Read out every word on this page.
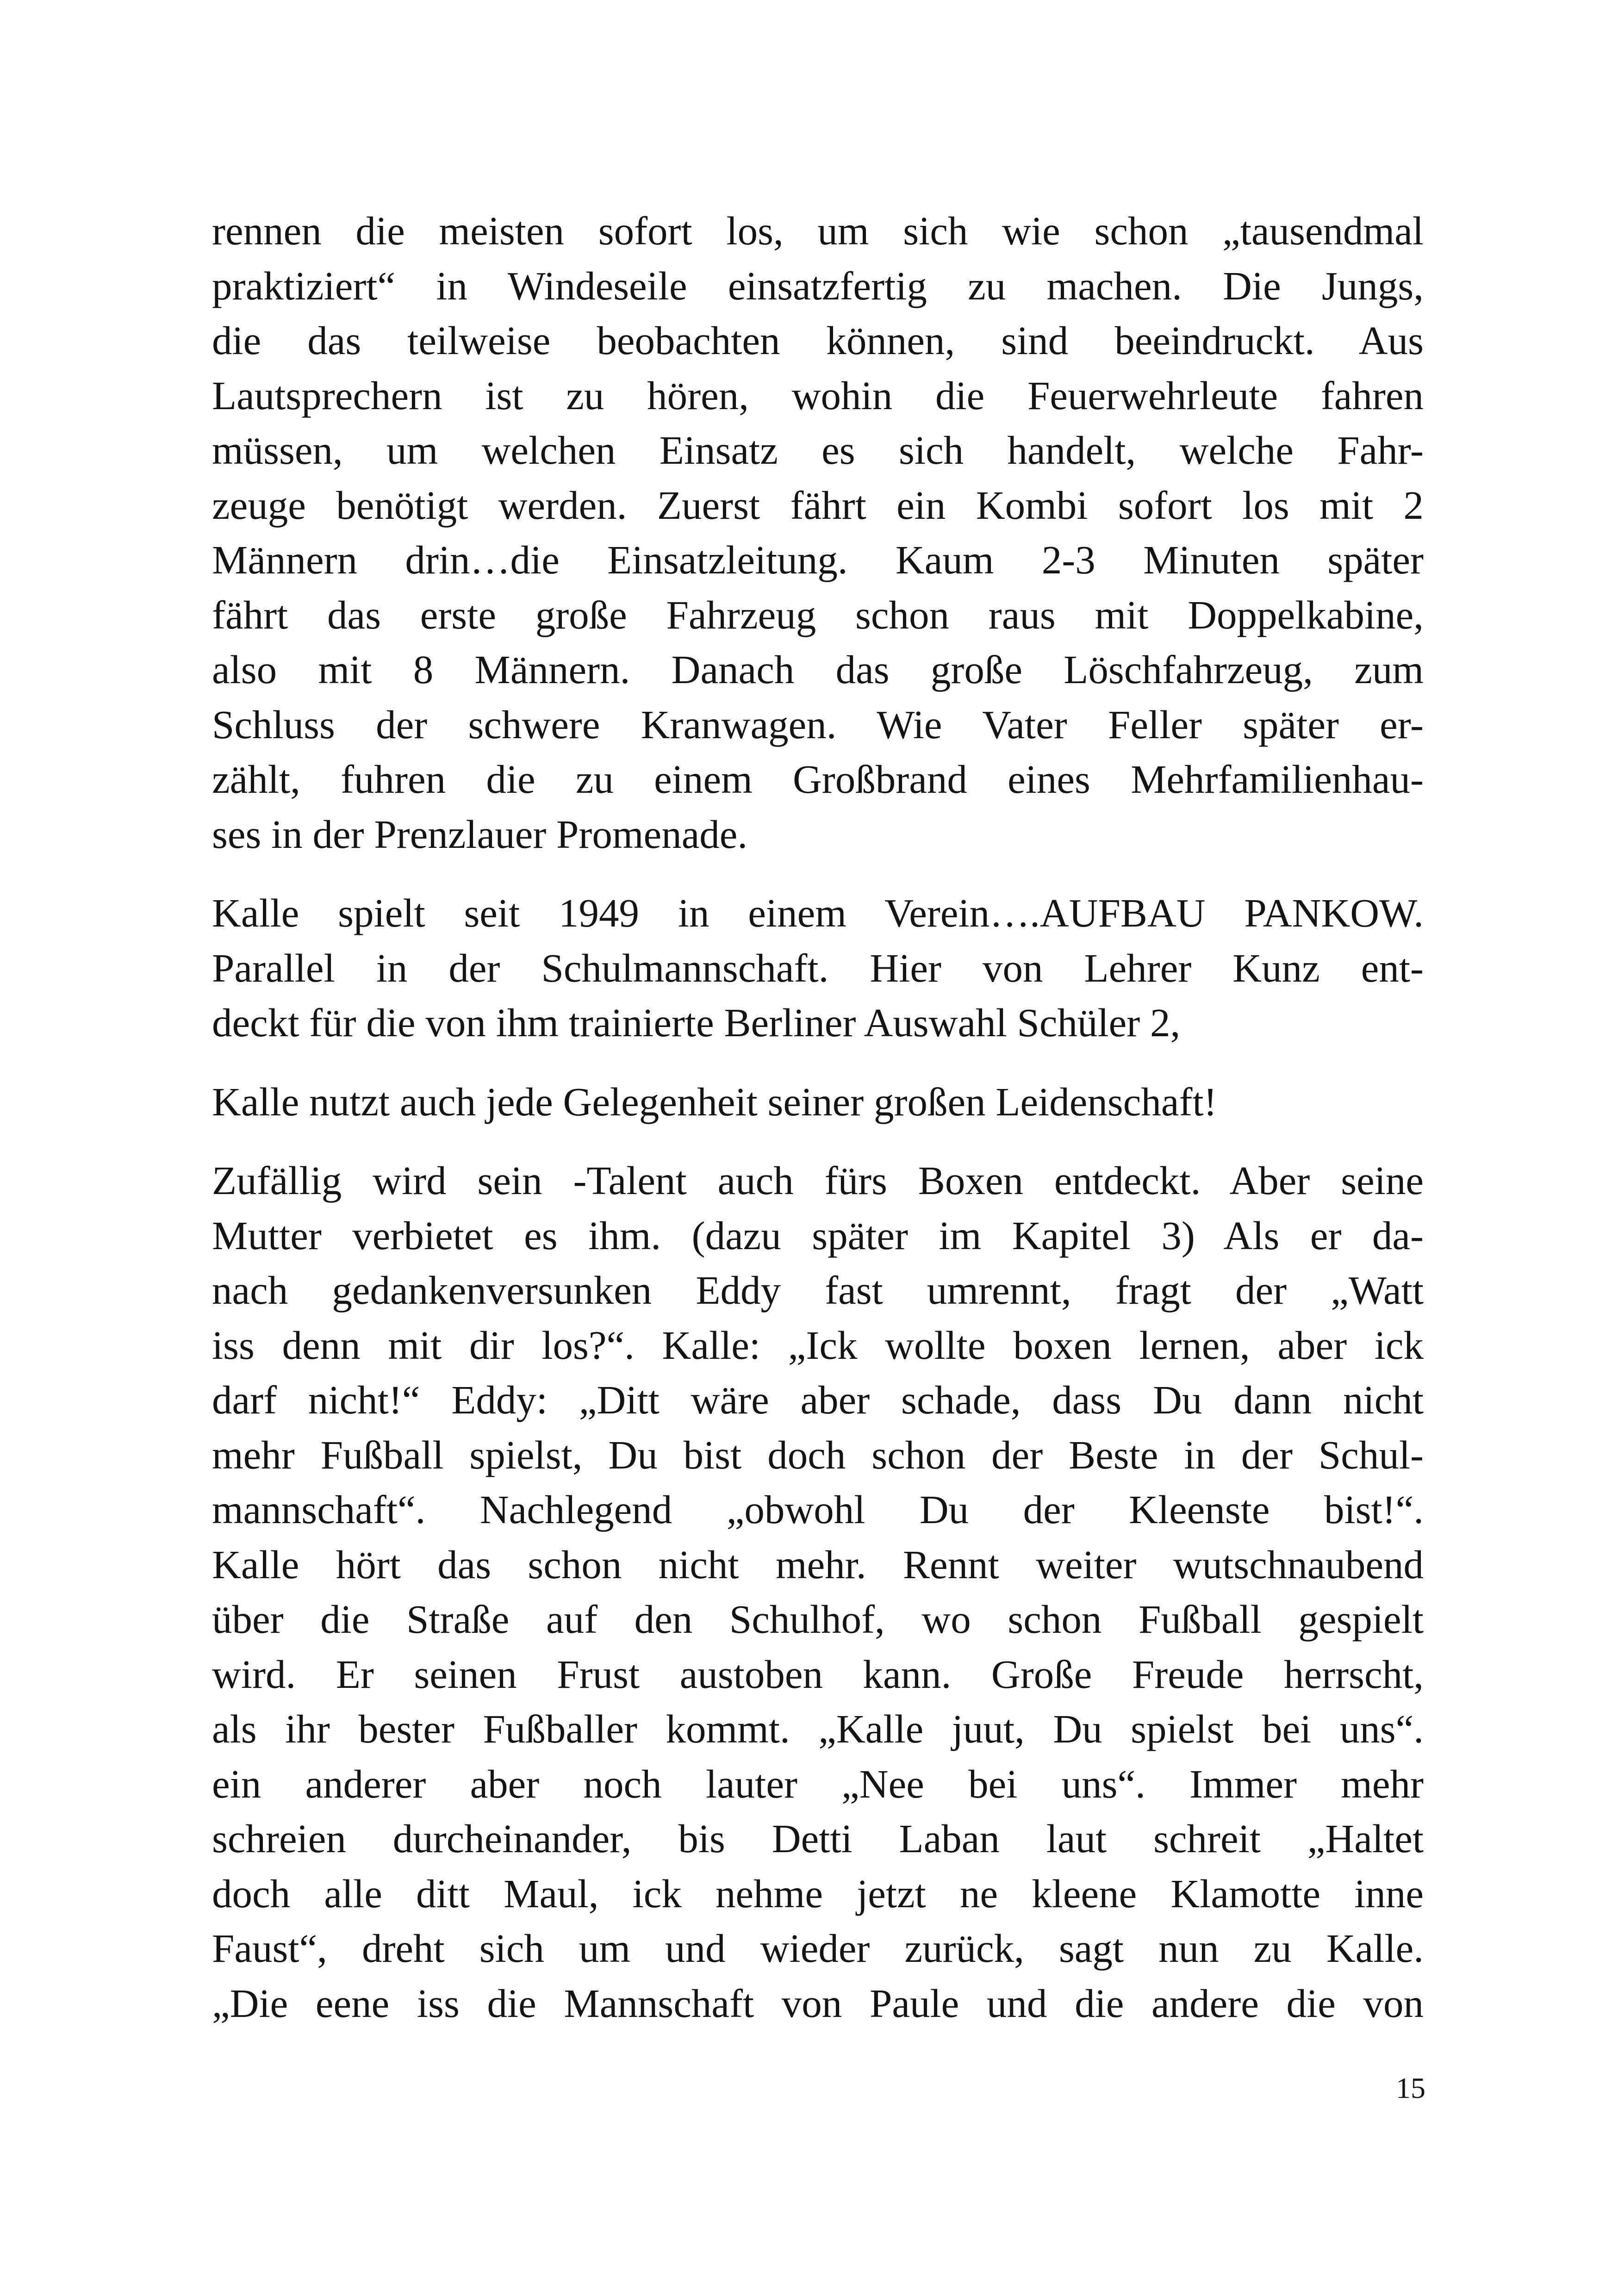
rennen die meisten sofort los, um sich wie schon „tausendmal
praktiziert“ in Windeseile einsatzfertig zu machen. Die Jungs,
die das teilweise beobachten können, sind beeindruckt. Aus
Lautsprechern ist zu hören, wohin die Feuerwehrleute fahren
müssen, um welchen Einsatz es sich handelt, welche Fahr-
zeuge benötigt werden. Zuerst fährt ein Kombi sofort los mit 2
Männern drin…die Einsatzleitung. Kaum 2-3 Minuten später
fährt das erste große Fahrzeug schon raus mit Doppelkabine,
also mit 8 Männern. Danach das große Löschfahrzeug, zum
Schluss der schwere Kranwagen. Wie Vater Feller später er-
zählt, fuhren die zu einem Großbrand eines Mehrfamilienhau-
ses in der Prenzlauer Promenade.
Kalle spielt seit 1949 in einem Verein….AUFBAU PANKOW.
Parallel in der Schulmannschaft. Hier von Lehrer Kunz ent-
deckt für die von ihm trainierte Berliner Auswahl Schüler 2,
Kalle nutzt auch jede Gelegenheit seiner großen Leidenschaft!
Zufällig wird sein -Talent auch fürs Boxen entdeckt. Aber seine
Mutter verbietet es ihm. (dazu später im Kapitel 3) Als er da-
nach gedankenversunken Eddy fast umrennt, fragt der „Watt
iss denn mit dir los?“. Kalle: „Ick wollte boxen lernen, aber ick
darf nicht!“ Eddy: „Ditt wäre aber schade, dass Du dann nicht
mehr Fußball spielst, Du bist doch schon der Beste in der Schul-
mannschaft“. Nachlegend „obwohl Du der Kleenste bist!“.
Kalle hört das schon nicht mehr. Rennt weiter wutschnaubend
über die Straße auf den Schulhof, wo schon Fußball gespielt
wird. Er seinen Frust austoben kann. Große Freude herrscht,
als ihr bester Fußballer kommt. „Kalle juut, Du spielst bei uns“.
ein anderer aber noch lauter „Nee bei uns“. Immer mehr
schreien durcheinander, bis Detti Laban laut schreit „Haltet
doch alle ditt Maul, ick nehme jetzt ne kleene Klamotte inne
Faust“, dreht sich um und wieder zurück, sagt nun zu Kalle.
„Die eene iss die Mannschaft von Paule und die andere die von
15
